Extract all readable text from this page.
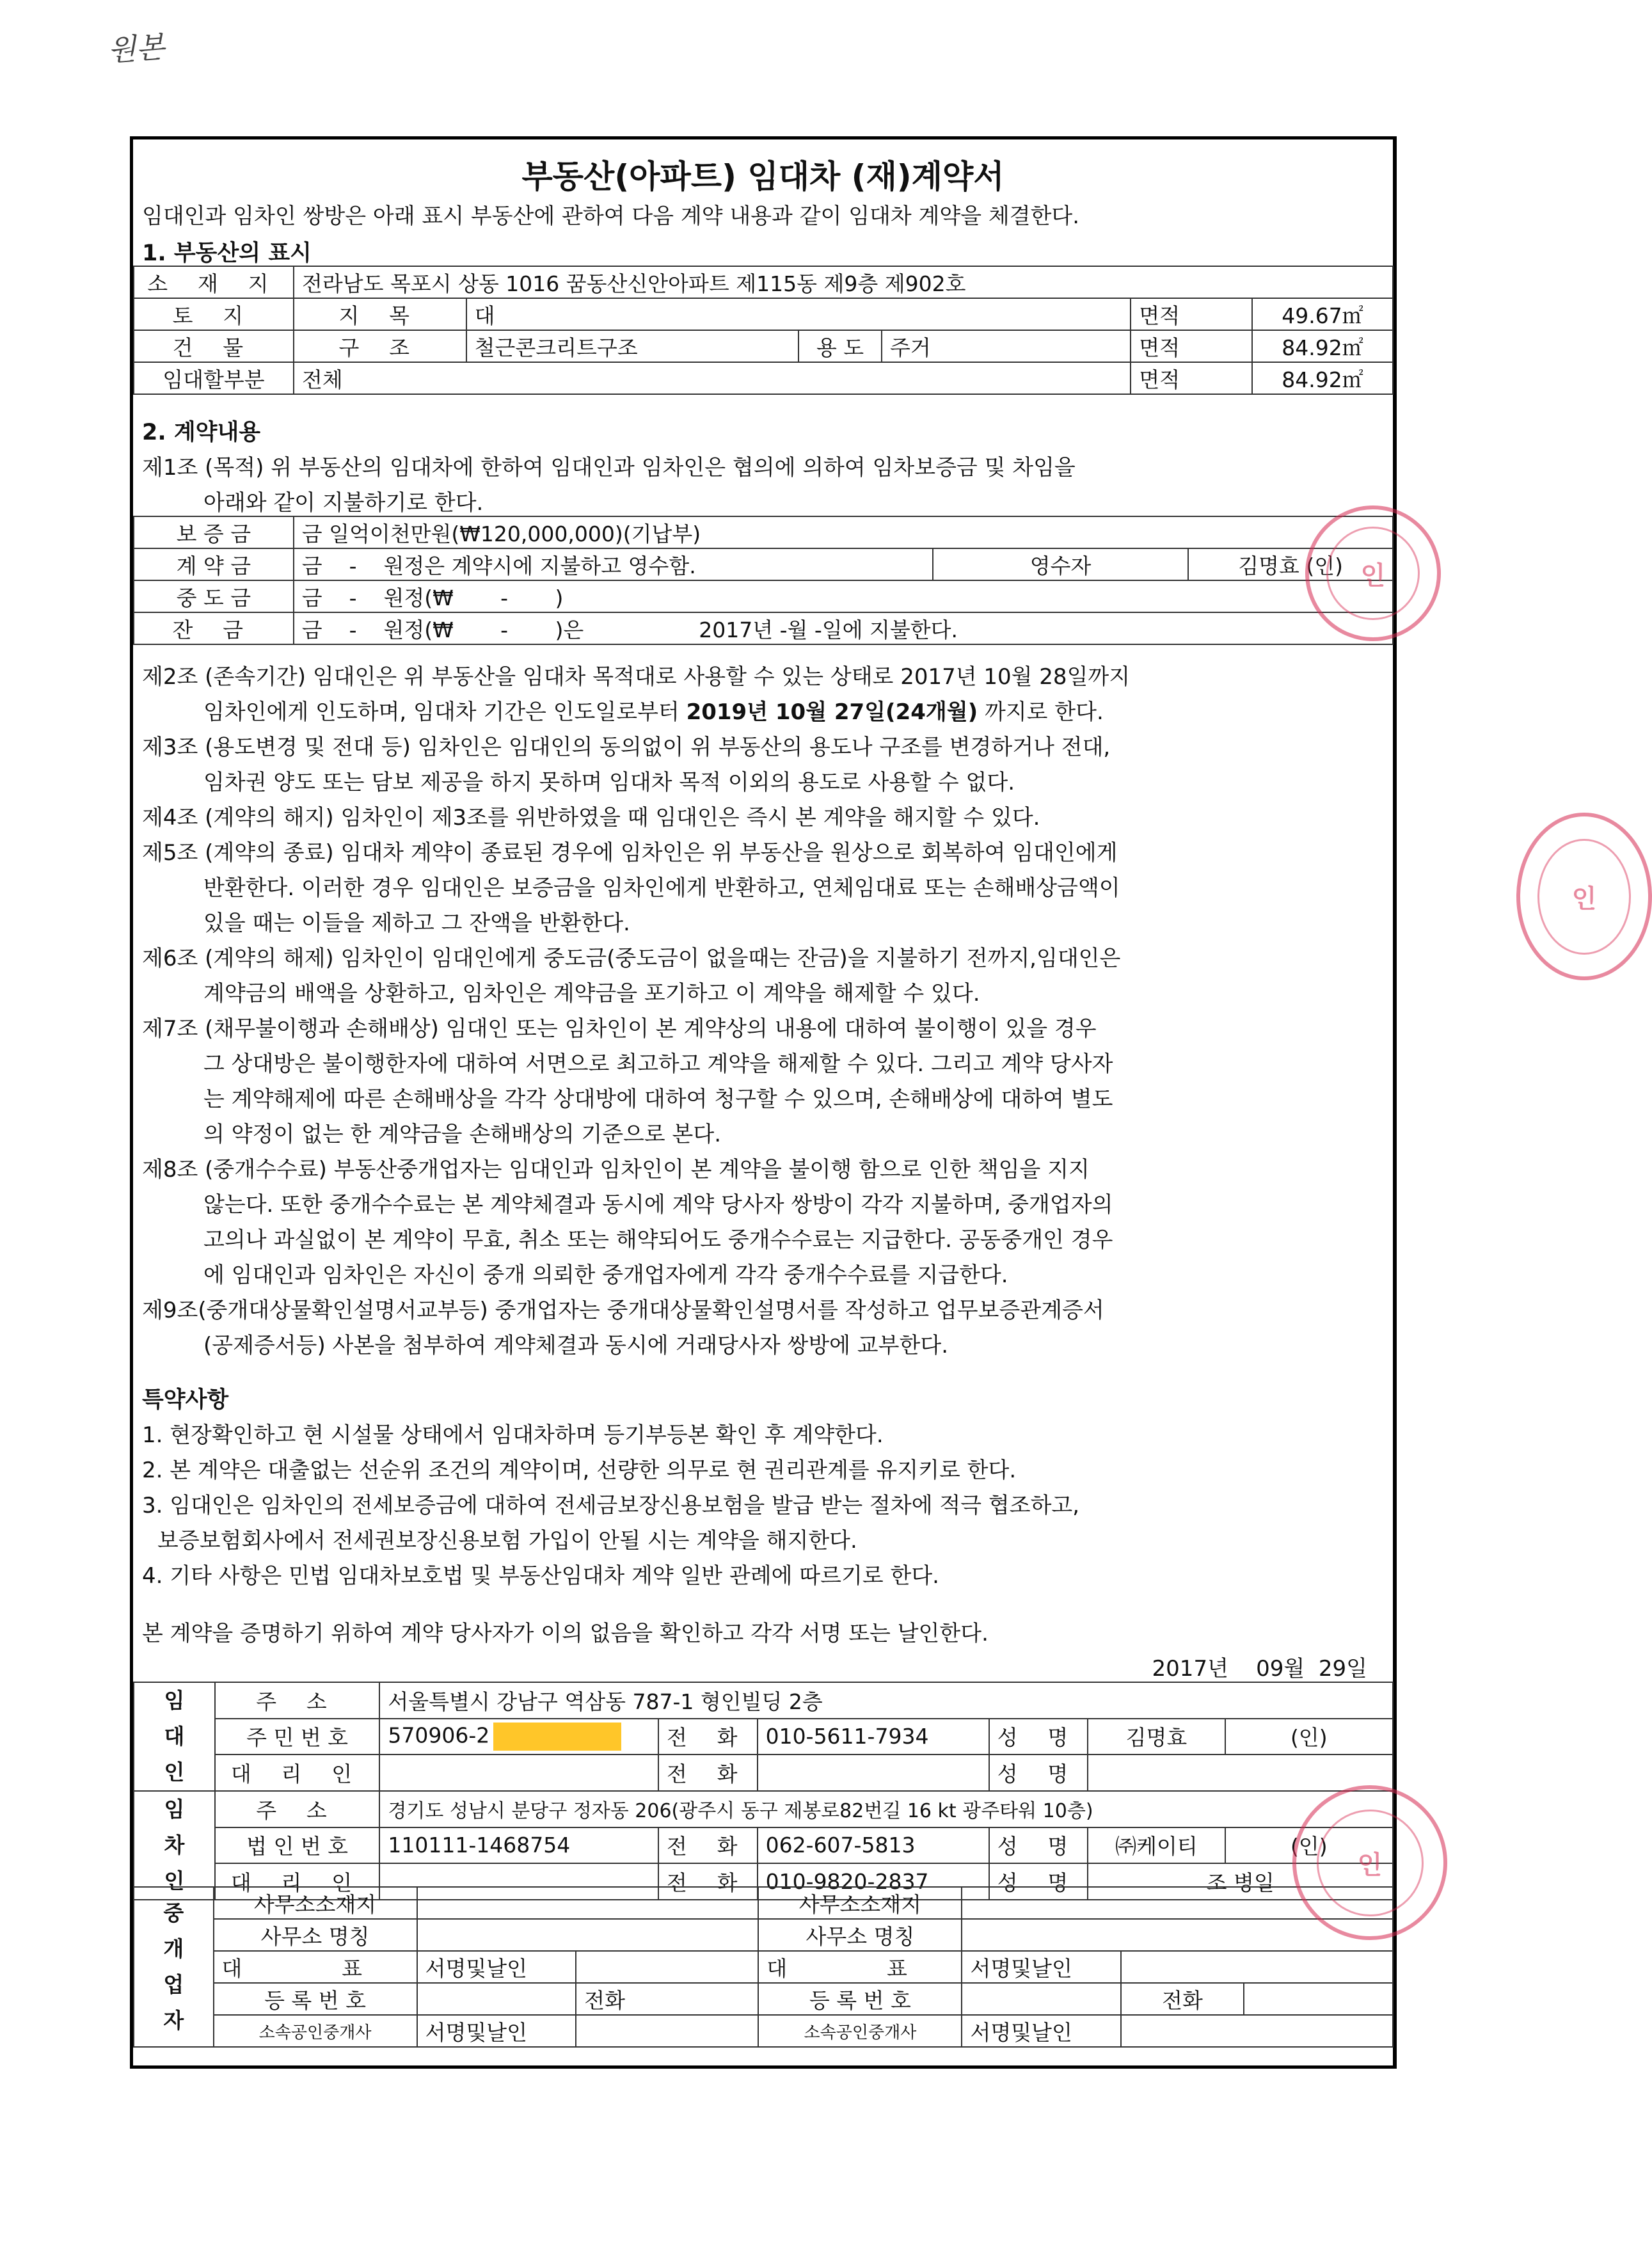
원본
부동산(아파트) 임대차 (재)계약서
임대인과 임차인 쌍방은 아래 표시 부동산에 관하여 다음 계약 내용과 같이 임대차 계약을 체결한다.
1. 부동산의 표시
소 재 지	전라남도 목포시 상동 1016 꿈동산신안아파트 제115동 제9층 제902호					
토 지	지 목	대			면적	49.67㎡
건 물	구 조	철근콘크리트구조	용 도	주거	면적	84.92㎡
임대할부분	전체				면적	84.92㎡
2. 계약내용
제1조 (목적) 위 부동산의 임대차에 한하여 임대인과 임차인은 협의에 의하여 임차보증금 및 차임을
아래와 같이 지불하기로 한다.
보 증 금	금 일억이천만원(₩120,000,000)(기납부)		
계 약 금	금    -    원정은 계약시에 지불하고 영수함.	영수자	김명효 (인)
중 도 금	금    -    원정(₩       -       )		
잔 금	금    -    원정(₩       -       )은 2017년 -월 -일에 지불한다.		
제2조 (존속기간) 임대인은 위 부동산을 임대차 목적대로 사용할 수 있는 상태로 2017년 10월 28일까지
임차인에게 인도하며, 임대차 기간은 인도일로부터 2019년 10월 27일(24개월) 까지로 한다.
제3조 (용도변경 및 전대 등) 임차인은 임대인의 동의없이 위 부동산의 용도나 구조를 변경하거나 전대,
임차권 양도 또는 담보 제공을 하지 못하며 임대차 목적 이외의 용도로 사용할 수 없다.
제4조 (계약의 해지) 임차인이 제3조를 위반하였을 때 임대인은 즉시 본 계약을 해지할 수 있다.
제5조 (계약의 종료) 임대차 계약이 종료된 경우에 임차인은 위 부동산을 원상으로 회복하여 임대인에게
반환한다. 이러한 경우 임대인은 보증금을 임차인에게 반환하고, 연체임대료 또는 손해배상금액이
있을 때는 이들을 제하고 그 잔액을 반환한다.
제6조 (계약의 해제) 임차인이 임대인에게 중도금(중도금이 없을때는 잔금)을 지불하기 전까지,임대인은
계약금의 배액을 상환하고, 임차인은 계약금을 포기하고 이 계약을 해제할 수 있다.
제7조 (채무불이행과 손해배상) 임대인 또는 임차인이 본 계약상의 내용에 대하여 불이행이 있을 경우
그 상대방은 불이행한자에 대하여 서면으로 최고하고 계약을 해제할 수 있다. 그리고 계약 당사자
는 계약해제에 따른 손해배상을 각각 상대방에 대하여 청구할 수 있으며, 손해배상에 대하여 별도
의 약정이 없는 한 계약금을 손해배상의 기준으로 본다.
제8조 (중개수수료) 부동산중개업자는 임대인과 임차인이 본 계약을 불이행 함으로 인한 책임을 지지
않는다. 또한 중개수수료는 본 계약체결과 동시에 계약 당사자 쌍방이 각각 지불하며, 중개업자의
고의나 과실없이 본 계약이 무효, 취소 또는 해약되어도 중개수수료는 지급한다. 공동중개인 경우
에 임대인과 임차인은 자신이 중개 의뢰한 중개업자에게 각각 중개수수료를 지급한다.
제9조(중개대상물확인설명서교부등) 중개업자는 중개대상물확인설명서를 작성하고 업무보증관계증서
(공제증서등) 사본을 첨부하여 계약체결과 동시에 거래당사자 쌍방에 교부한다.
특약사항
1. 현장확인하고 현 시설물 상태에서 임대차하며 등기부등본 확인 후 계약한다.
2. 본 계약은 대출없는 선순위 조건의 계약이며, 선량한 의무로 현 권리관계를 유지키로 한다.
3. 임대인은 임차인의 전세보증금에 대하여 전세금보장신용보험을 발급 받는 절차에 적극 협조하고,
보증보험회사에서 전세권보장신용보험 가입이 안될 시는 계약을 해지한다.
4. 기타 사항은 민법 임대차보호법 및 부동산임대차 계약 일반 관례에 따르기로 한다.
본 계약을 증명하기 위하여 계약 당사자가 이의 없음을 확인하고 각각 서명 또는 날인한다.
2017년 09월 29일
임 대 인	주 소	서울특별시 강남구 역삼동 787-1 형인빌딩 2층					
	주 민 번 호	570906-2	전 화	010-5611-7934	성 명	김명효	(인)
	대 리 인		전 화		성 명		
임 차 인	주 소	경기도 성남시 분당구 정자동 206(광주시 동구 제봉로82번길 16 kt 광주타워 10층)					
	법 인 번 호	110111-1468754	전 화	062-607-5813	성 명	㈜케이티	(인)
	대 리 인		전 화	010-9820-2837	성 명	조 병일	
중 개 업 자	사무소소재지			사무소소재지			
	사무소 명칭			사무소 명칭			
	대 표	서명및날인		대 표	서명및날인		
	등 록 번 호		전화	등 록 번 호		전화	
	소속공인중개사	서명및날인		소속공인중개사	서명및날인		
인
인
인
